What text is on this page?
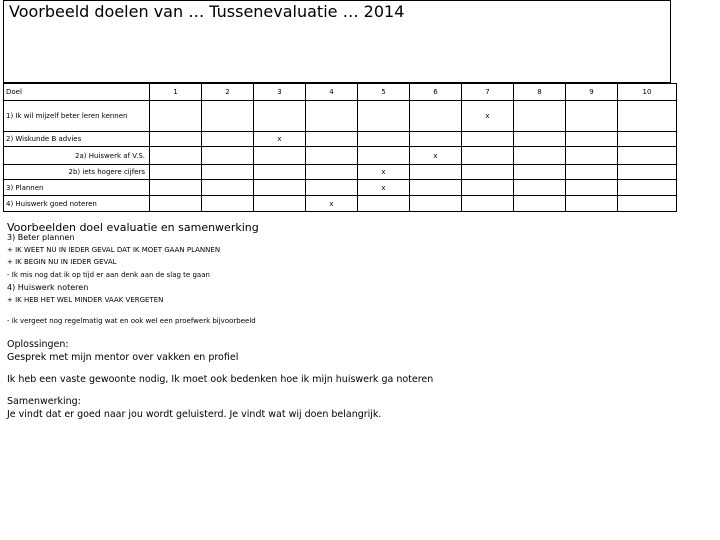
Voorbeeld doelen van … Tussenevaluatie … 2014
Doel	1	2	3	4	5	6	7	8	9	10
1) Ik wil mijzelf beter leren kennen							x			
2) Wiskunde B advies			x							
2a) Huiswerk af V.S.						x				
2b) iets hogere cijfers					x					
3) Plannen					x					
4) Huiswerk goed noteren				x						
Voorbeelden doel evaluatie en samenwerking
3) Beter plannen
+ IK WEET NU IN IEDER GEVAL DAT IK MOET GAAN PLANNEN
+ IK BEGIN NU IN IEDER GEVAL
- Ik mis nog dat ik op tijd er aan denk aan de slag te gaan
4) Huiswerk noteren
+ IK HEB HET WEL MINDER VAAK VERGETEN
- ik vergeet nog regelmatig wat en ook wel een proefwerk bijvoorbeeld
Oplossingen:
Gesprek met mijn mentor over vakken en profiel
Ik heb een vaste gewoonte nodig, Ik moet ook bedenken hoe ik mijn huiswerk ga noteren
Samenwerking:
Je vindt dat er goed naar jou wordt geluisterd. Je vindt wat wij doen belangrijk.
